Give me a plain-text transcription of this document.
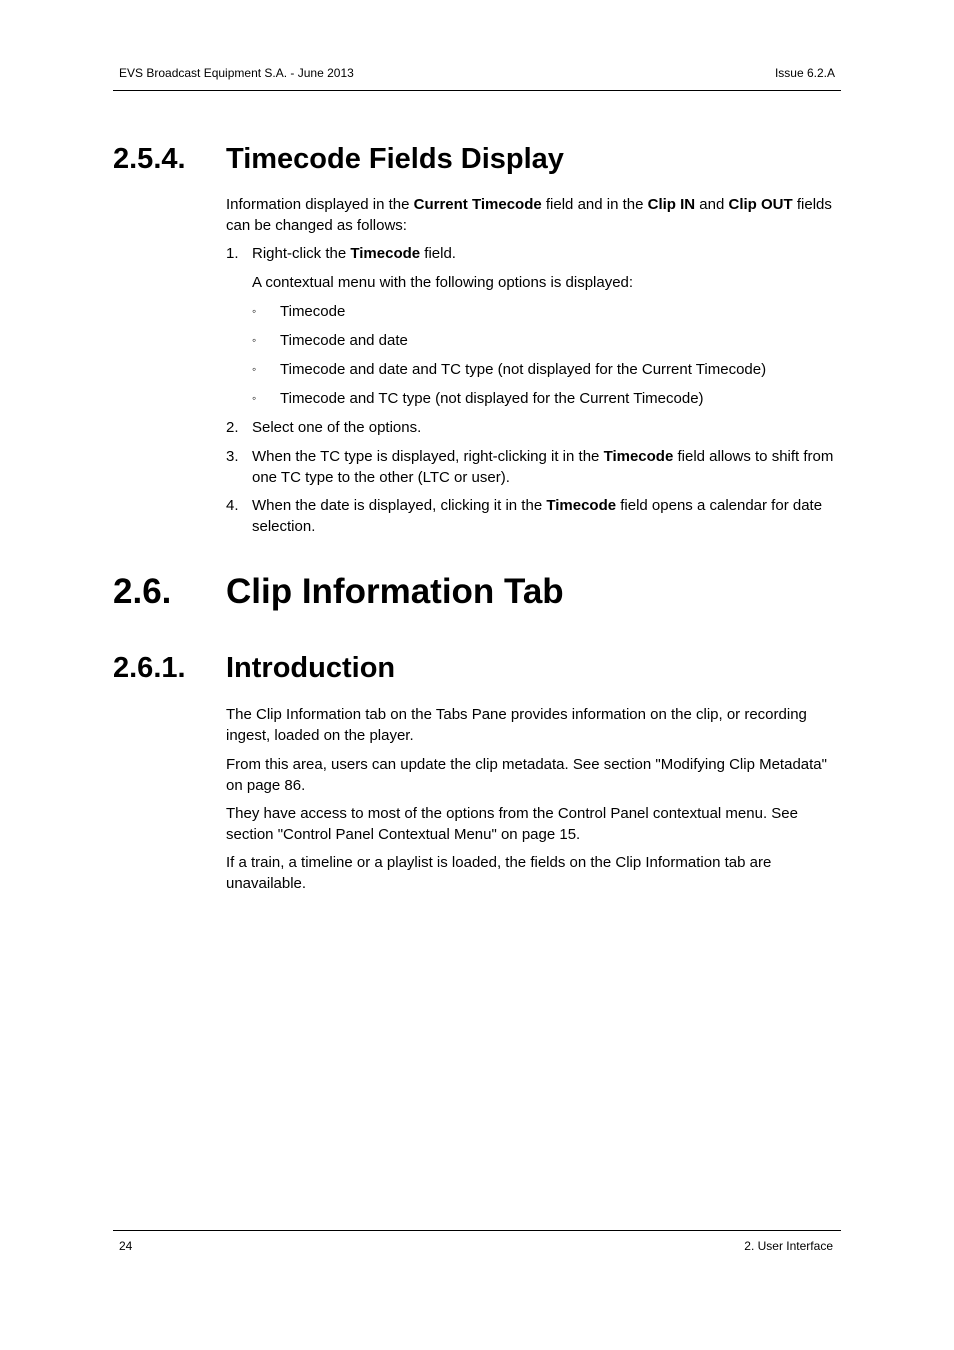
EVS Broadcast Equipment S.A. - June 2013	Issue 6.2.A
2.5.4. Timecode Fields Display
Information displayed in the Current Timecode field and in the Clip IN and Clip OUT fields can be changed as follows:
1. Right-click the Timecode field.
A contextual menu with the following options is displayed:
◦ Timecode
◦ Timecode and date
◦ Timecode and date and TC type (not displayed for the Current Timecode)
◦ Timecode and TC type (not displayed for the Current Timecode)
2. Select one of the options.
3. When the TC type is displayed, right-clicking it in the Timecode field allows to shift from one TC type to the other (LTC or user).
4. When the date is displayed, clicking it in the Timecode field opens a calendar for date selection.
2.6. Clip Information Tab
2.6.1. Introduction
The Clip Information tab on the Tabs Pane provides information on the clip, or recording ingest, loaded on the player.
From this area, users can update the clip metadata. See section "Modifying Clip Metadata" on page 86.
They have access to most of the options from the Control Panel contextual menu. See section "Control Panel Contextual Menu" on page 15.
If a train, a timeline or a playlist is loaded, the fields on the Clip Information tab are unavailable.
24	2. User Interface
